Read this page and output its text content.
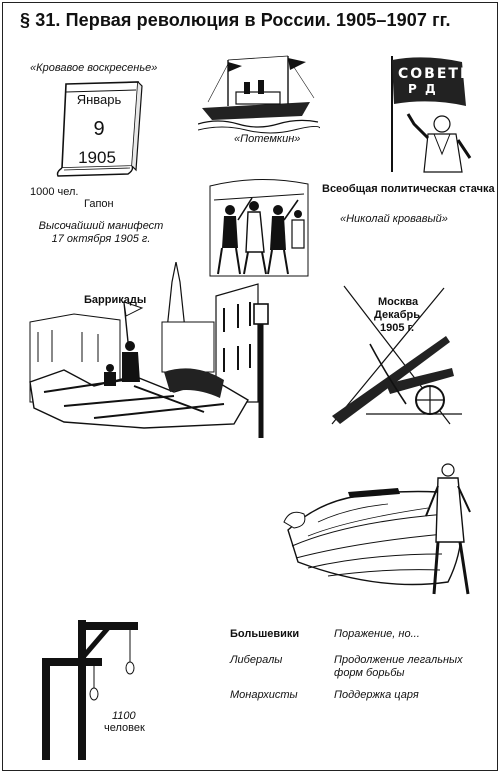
§ 31. Первая революция в России. 1905–1907 гг.
«Кровавое воскресенье»
Январь
9
1905
1000 чел.
Гапон
«Потемкин»
СОВЕТЫ
Р Д
Всеобщая политическая стачка
«Николай кровавый»
Высочайший манифест
17 октября 1905 г.
Баррикады	Москва
Декабрь
1905 г.
1100
человек
Большевики	Поражение, но...
Либералы	Продолжение легальных
форм борьбы
Монархисты	Поддержка царя
